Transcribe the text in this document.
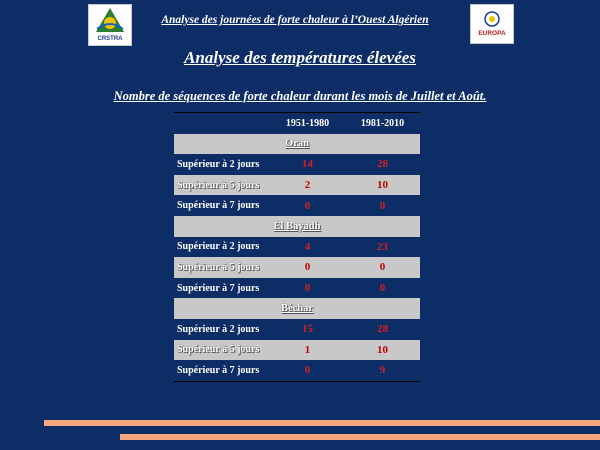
CRSTRA
Analyse des journées de forte chaleur à l’Ouest Algérien
EUROPA
Analyse des températures élevées
Nombre de séquences de forte chaleur durant les mois de Juillet et Août.
	1951-1980	1981-2010
Oran		
Supérieur à 2 jours	14	28
Supérieur à 5 jours	2	10
Supérieur à 7 jours	0	0
El Bayadh		
Supérieur à 2 jours	4	23
Supérieur à 5 jours	0	0
Supérieur à 7 jours	0	0
Béchar		
Supérieur à 2 jours	15	28
Supérieur à 5 jours	1	10
Supérieur à 7 jours	0	9
